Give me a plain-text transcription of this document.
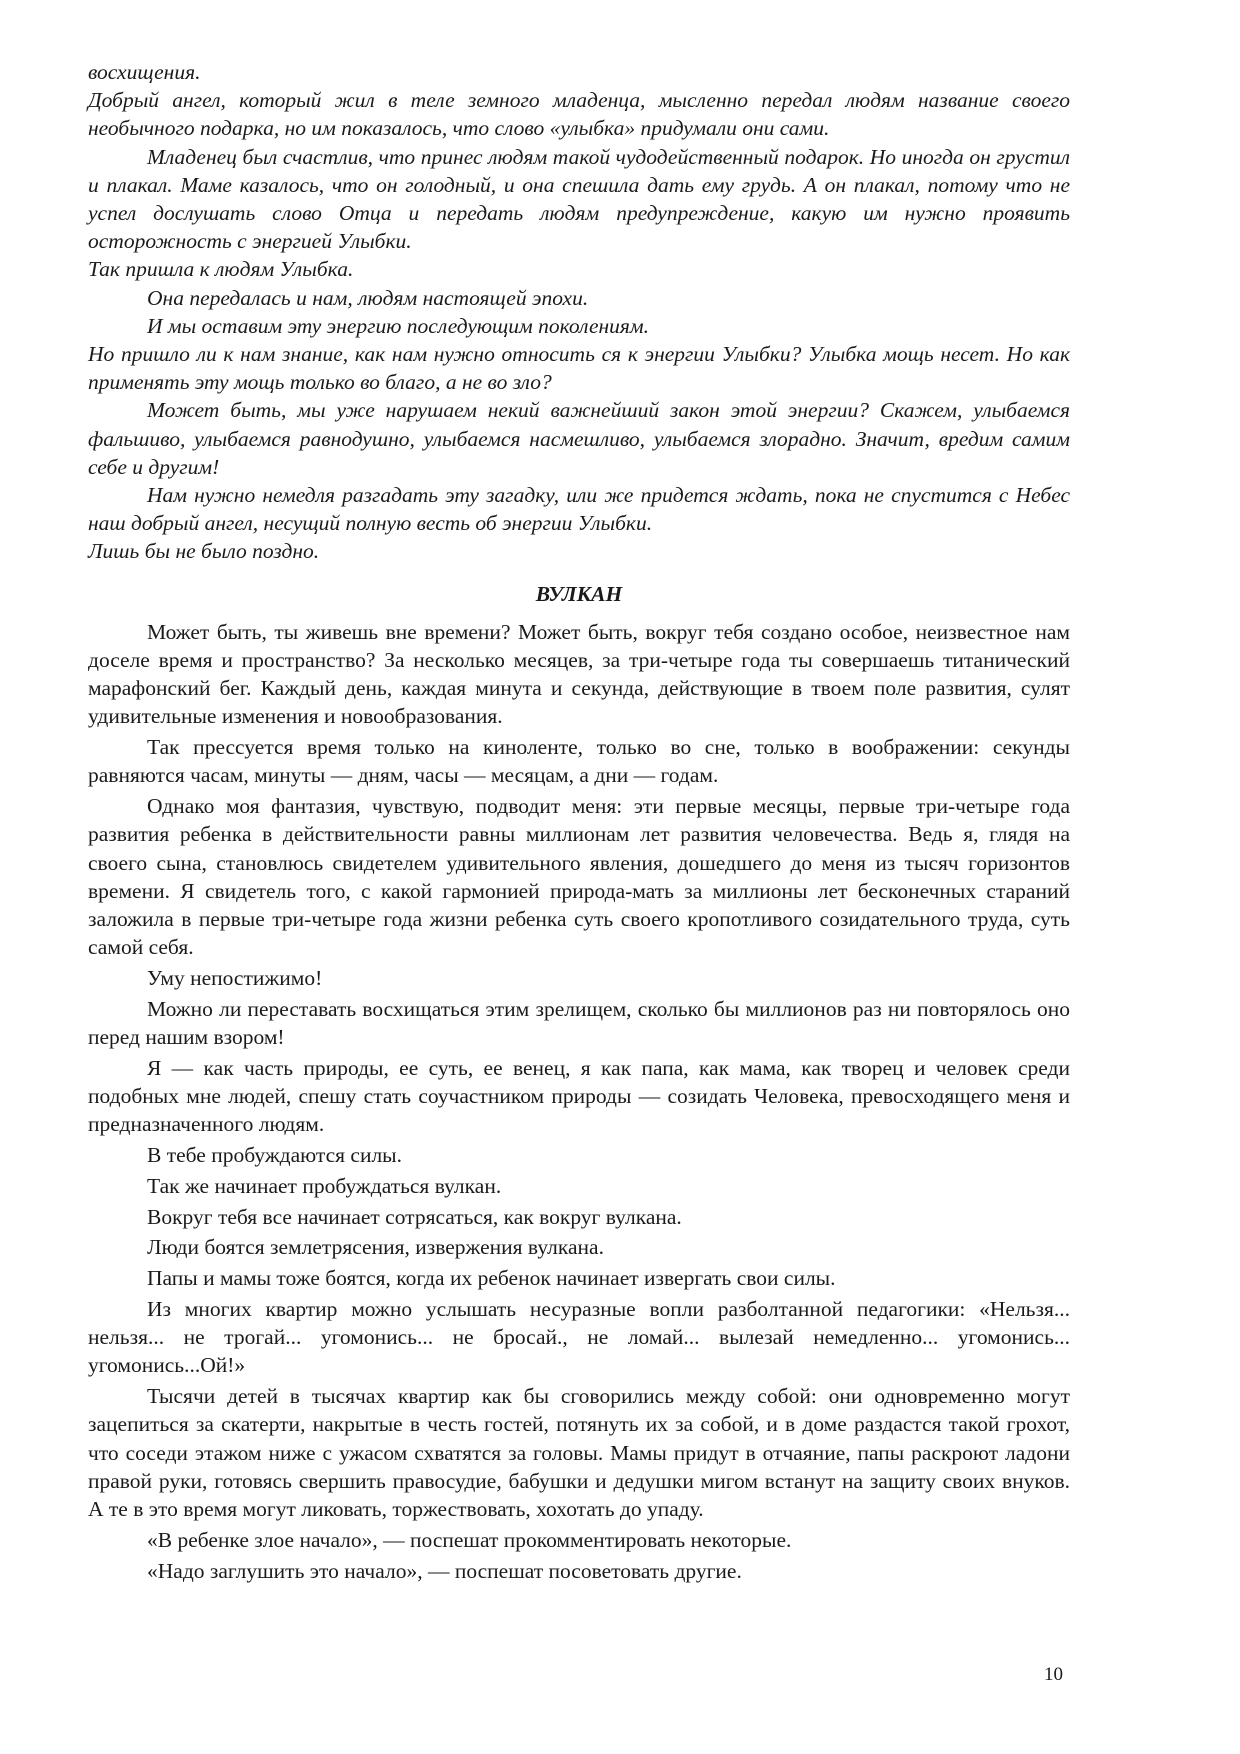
восхищения.

Добрый ангел, который жил в теле земного младенца, мысленно передал людям название своего необычного подарка, но им показалось, что слово «улыбка» придумали они сами.

Младенец был счастлив, что принес людям такой чудодейственный подарок. Но иногда он грустил и плакал. Маме казалось, что он голодный, и она спешила дать ему грудь. А он плакал, потому что не успел дослушать слово Отца и передать людям предупреждение, какую им нужно проявить осторожность с энергией Улыбки.

Так пришла к людям Улыбка.

Она передалась и нам, людям настоящей эпохи.

И мы оставим эту энергию последующим поколениям.

Но пришло ли к нам знание, как нам нужно относить ся к энергии Улыбки? Улыбка мощь несет. Но как применять эту мощь только во благо, а не во зло?

Может быть, мы уже нарушаем некий важнейший закон этой энергии? Скажем, улыбаемся фальшиво, улыбаемся равнодушно, улыбаемся насмешливо, улыбаемся злорадно. Значит, вредим самим себе и другим!

Нам нужно немедля разгадать эту загадку, или же придется ждать, пока не спустится с Небес наш добрый ангел, несущий полную весть об энергии Улыбки.

Лишь бы не было поздно.

ВУЛКАН

Может быть, ты живешь вне времени? Может быть, вокруг тебя создано особое, неизвестное нам доселе время и пространство? За несколько месяцев, за три-четыре года ты совершаешь титанический марафонский бег. Каждый день, каждая минута и секунда, действующие в твоем поле развития, сулят удивительные изменения и новообразования.

Так прессуется время только на киноленте, только во сне, только в воображении: секунды равняются часам, минуты — дням, часы — месяцам, а дни — годам.

Однако моя фантазия, чувствую, подводит меня: эти первые месяцы, первые три-четыре года развития ребенка в действительности равны миллионам лет развития человечества. Ведь я, глядя на своего сына, становлюсь свидетелем удивительного явления, дошедшего до меня из тысяч горизонтов времени. Я свидетель того, с какой гармонией природа-мать за миллионы лет бесконечных стараний заложила в первые три-четыре года жизни ребенка суть своего кропотливого созидательного труда, суть самой себя.

Уму непостижимо!

Можно ли переставать восхищаться этим зрелищем, сколько бы миллионов раз ни повторялось оно перед нашим взором!

Я — как часть природы, ее суть, ее венец, я как папа, как мама, как творец и человек среди подобных мне людей, спешу стать соучастником природы — созидать Человека, превосходящего меня и предназначенного людям.

В тебе пробуждаются силы.

Так же начинает пробуждаться вулкан.

Вокруг тебя все начинает сотрясаться, как вокруг вулкана.

Люди боятся землетрясения, извержения вулкана.

Папы и мамы тоже боятся, когда их ребенок начинает извергать свои силы.

Из многих квартир можно услышать несуразные вопли разболтанной педагогики: «Нельзя... нельзя... не трогай... угомонись... не бросай., не ломай... вылезай немедленно... угомонись... угомонись...Ой!»

Тысячи детей в тысячах квартир как бы сговорились между собой: они одновременно могут зацепиться за скатерти, накрытые в честь гостей, потянуть их за собой, и в доме раздастся такой грохот, что соседи этажом ниже с ужасом схватятся за головы. Мамы придут в отчаяние, папы раскроют ладони правой руки, готовясь свершить правосудие, бабушки и дедушки мигом встанут на защиту своих внуков. А те в это время могут ликовать, торжествовать, хохотать до упаду.

«В ребенке злое начало», — поспешат прокомментировать некоторые.

«Надо заглушить это начало», — поспешат посоветовать другие.

10
